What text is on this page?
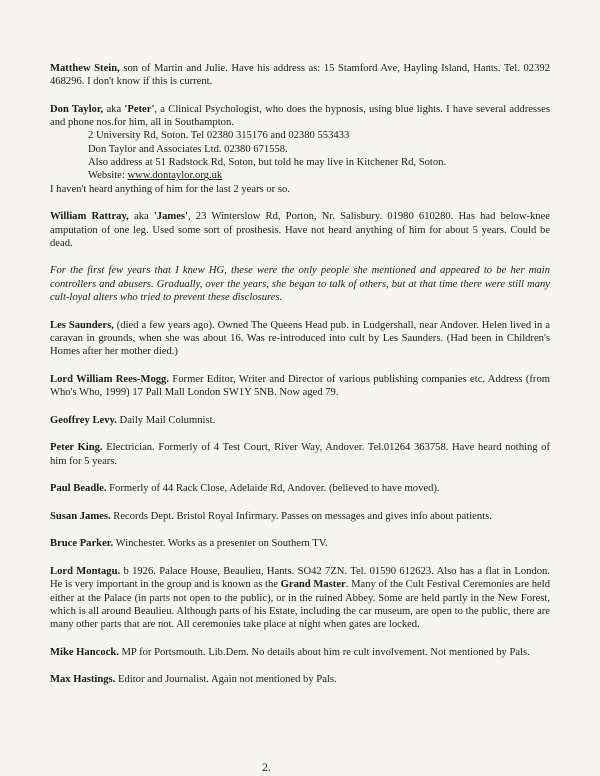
Matthew Stein, son of Martin and Julie. Have his address as: 15 Stamford Ave, Hayling Island, Hants. Tel. 02392 468296. I don't know if this is current.

Don Taylor, aka 'Peter', a Clinical Psychologist, who does the hypnosis, using blue lights. I have several addresses and phone nos.for him, all in Southampton.
2 University Rd, Soton. Tel 02380 315176 and 02380 553433
Don Taylor and Associates Ltd. 02380 671558.
Also address at 51 Radstock Rd, Soton, but told he may live in Kitchener Rd, Soton.
Website: www.dontaylor.org.uk
I haven't heard anything of him for the last 2 years or so.

William Rattray, aka 'James', 23 Winterslow Rd, Porton, Nr. Salisbury. 01980 610280. Has had below-knee amputation of one leg. Used some sort of prosthesis. Have not heard anything of him for about 5 years. Could be dead.

For the first few years that I knew HG, these were the only people she mentioned and appeared to be her main controllers and abusers. Gradually, over the years, she began to talk of others, but at that time there were still many cult-loyal alters who tried to prevent these disclosures.

Les Saunders, (died a few years ago). Owned The Queens Head pub. in Ludgershall, near Andover. Helen lived in a caravan in grounds, when she was about 16. Was re-introduced into cult by Les Saunders. (Had been in Children's Homes after her mother died.)

Lord William Rees-Mogg. Former Editor, Writer and Director of various publishing companies etc. Address (from Who's Who, 1999) 17 Pall Mall London SW1Y 5NB. Now aged 79.

Geoffrey Levy. Daily Mail Columnist.

Peter King. Electrician. Formerly of 4 Test Court, River Way, Andover. Tel.01264 363758. Have heard nothing of him for 5 years.

Paul Beadle. Formerly of 44 Rack Close, Adelaide Rd, Andover. (believed to have moved).

Susan James. Records Dept. Bristol Royal Infirmary. Passes on messages and gives info about patients.

Bruce Parker. Winchester. Works as a presenter on Southern TV.

Lord Montagu. b 1926. Palace House, Beaulieu, Hants. SO42 7ZN. Tel. 01590 612623. Also has a flat in London. He is very important in the group and is known as the Grand Master. Many of the Cult Festival Ceremonies are held either at the Palace (in parts not open to the public), or in the ruined Abbey. Some are held partly in the New Forest, which is all around Beaulieu. Although parts of his Estate, including the car museum, are open to the public, there are many other parts that are not. All ceremonies take place at night when gates are locked.

Mike Hancock. MP for Portsmouth. Lib.Dem. No details about him re cult involvement. Not mentioned by Pals.

Max Hastings. Editor and Journalist. Again not mentioned by Pals.

2.
